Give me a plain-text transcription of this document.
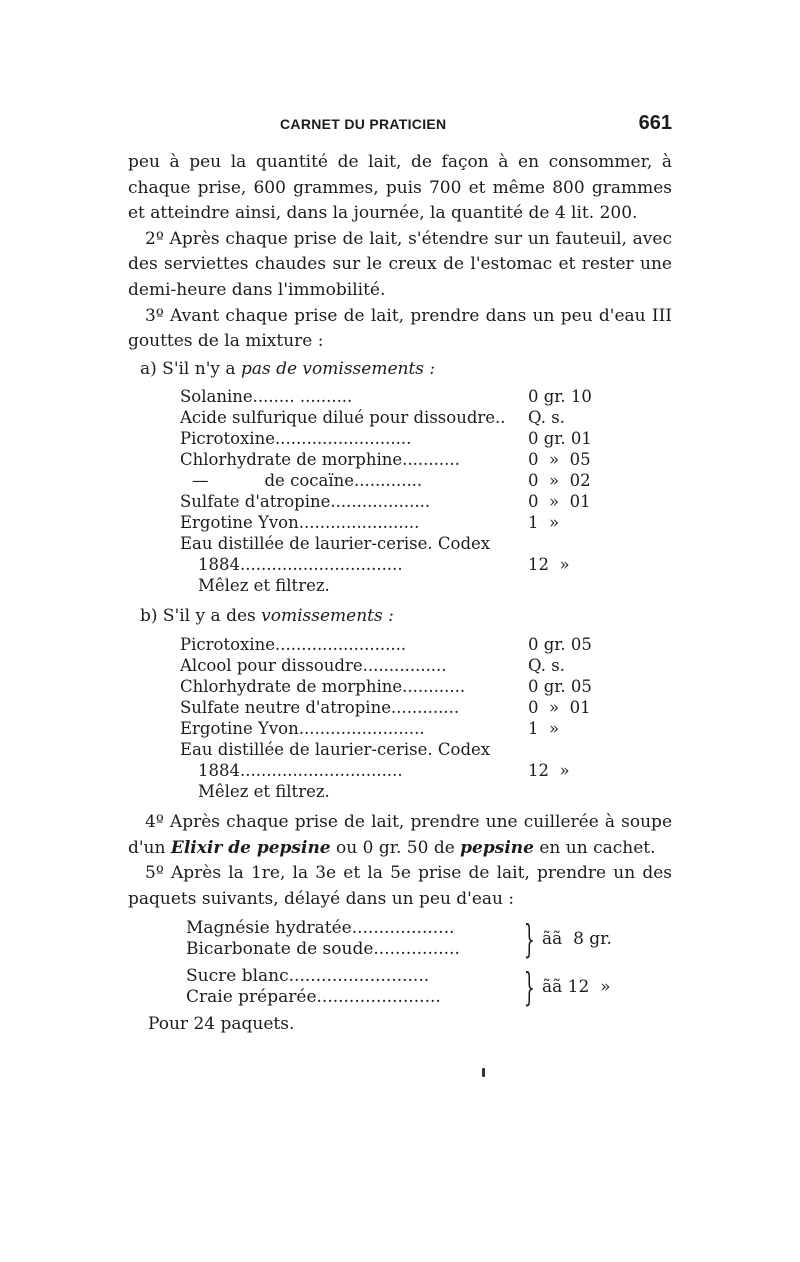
CARNET DU PRATICIEN	661

peu à peu la quantité de lait, de façon à en consommer, à chaque prise, 600 grammes, puis 700 et même 800 grammes et atteindre ainsi, dans la journée, la quantité de 4 lit. 200.

2º Après chaque prise de lait, s'étendre sur un fauteuil, avec des serviettes chaudes sur le creux de l'estomac et rester une demi-heure dans l'immobilité.

3º Avant chaque prise de lait, prendre dans un peu d'eau III gouttes de la mixture :

a) S'il n'y a pas de vomissements :

Solanine........ ..........	0 gr. 10
Acide sulfurique dilué pour dissoudre..	Q. s.
Picrotoxine..........................	0 gr. 01
Chlorhydrate de morphine...........	0  »  05
—	de cocaïne.............	0  »  02
Sulfate d'atropine...................	0  »  01
Ergotine Yvon.......................	1  »
Eau distillée de laurier-cerise. Codex
1884...............................	12  »
Mêlez et filtrez.

b) S'il y a des vomissements :

Picrotoxine.........................	0 gr. 05
Alcool pour dissoudre................	Q. s.
Chlorhydrate de morphine............	0 gr. 05
Sulfate neutre d'atropine.............	0  »  01
Ergotine Yvon........................	1  »
Eau distillée de laurier-cerise. Codex
1884...............................	12  »
Mêlez et filtrez.

4º Après chaque prise de lait, prendre une cuillerée à soupe d'un Elixir de pepsine ou 0 gr. 50 de pepsine en un cachet.

5º Après la 1re, la 3e et la 5e prise de lait, prendre un des paquets suivants, délayé dans un peu d'eau :

Magnésie hydratée...................
Bicarbonate de soude................	} ãã  8 gr.
Sucre blanc..........................
Craie préparée.......................	} ãã 12  »

Pour 24 paquets.
